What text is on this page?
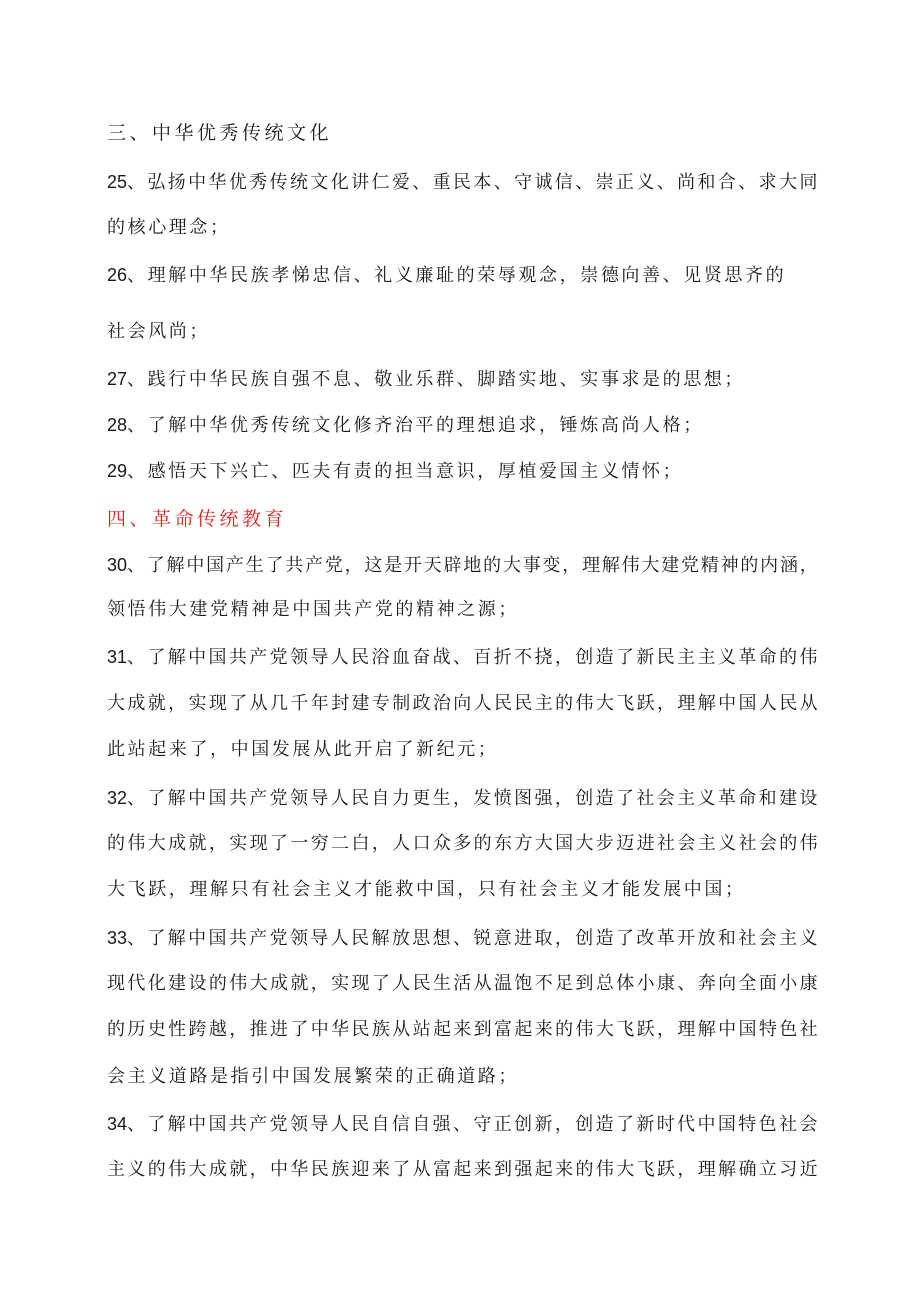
三、中华优秀传统文化
25、弘扬中华优秀传统文化讲仁爱、重民本、守诚信、崇正义、尚和合、求大同
的核心理念；
26、理解中华民族孝悌忠信、礼义廉耻的荣辱观念，崇德向善、见贤思齐的
社会风尚；
27、践行中华民族自强不息、敬业乐群、脚踏实地、实事求是的思想；
28、了解中华优秀传统文化修齐治平的理想追求，锤炼高尚人格；
29、感悟天下兴亡、匹夫有责的担当意识，厚植爱国主义情怀；
四、革命传统教育
30、了解中国产生了共产党，这是开天辟地的大事变，理解伟大建党精神的内涵，
领悟伟大建党精神是中国共产党的精神之源；
31、了解中国共产党领导人民浴血奋战、百折不挠，创造了新民主主义革命的伟
大成就，实现了从几千年封建专制政治向人民民主的伟大飞跃，理解中国人民从
此站起来了，中国发展从此开启了新纪元；
32、了解中国共产党领导人民自力更生，发愤图强，创造了社会主义革命和建设
的伟大成就，实现了一穷二白，人口众多的东方大国大步迈进社会主义社会的伟
大飞跃，理解只有社会主义才能救中国，只有社会主义才能发展中国；
33、了解中国共产党领导人民解放思想、锐意进取，创造了改革开放和社会主义
现代化建设的伟大成就，实现了人民生活从温饱不足到总体小康、奔向全面小康
的历史性跨越，推进了中华民族从站起来到富起来的伟大飞跃，理解中国特色社
会主义道路是指引中国发展繁荣的正确道路；
34、了解中国共产党领导人民自信自强、守正创新，创造了新时代中国特色社会
主义的伟大成就，中华民族迎来了从富起来到强起来的伟大飞跃，理解确立习近
